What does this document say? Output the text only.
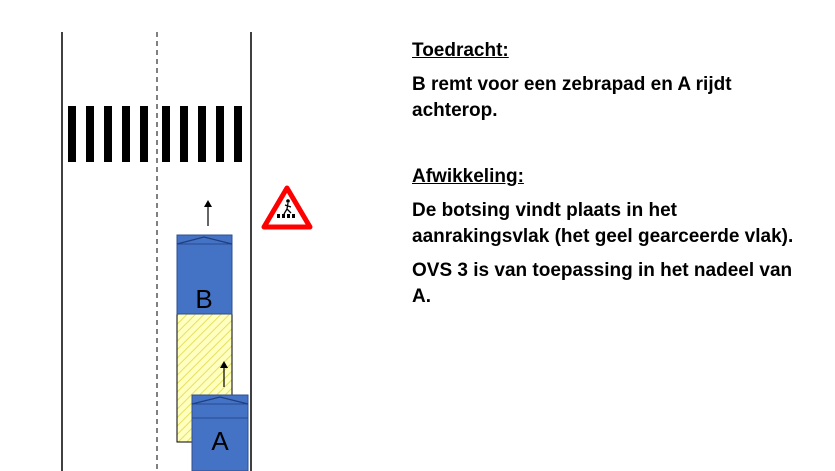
B
A

Toedracht:

B remt voor een zebrapad en A rijdt achterop.

Afwikkeling:

De botsing vindt plaats in het aanrakingsvlak (het geel gearceerde vlak).

OVS 3 is van toepassing in het nadeel van A.
